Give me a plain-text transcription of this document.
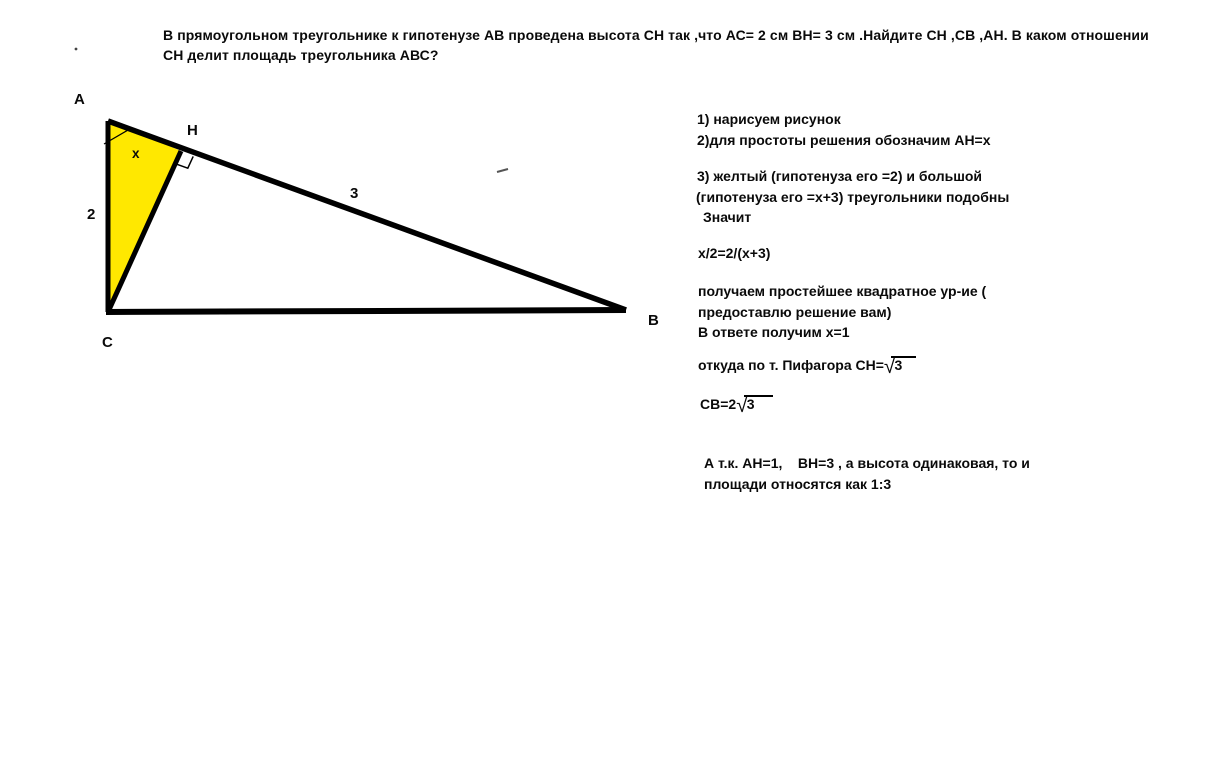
В прямоугольном треугольнике к гипотенузе АВ проведена высота СН так ,что АС= 2 см ВН= 3 см .Найдите СН ,СВ ,АН. В каком отношении
СН делит площадь треугольника АВС?
A
H
B
C
2
3
x
1) нарисуем рисунок
2)для простоты решения обозначим АН=х
3) желтый (гипотенуза его =2) и большой
(гипотенуза его =х+3) треугольники подобны
Значит
х/2=2/(х+3)
получаем простейшее квадратное ур-ие (
предоставлю решение вам)
В ответе получим х=1
откуда по т. Пифагора СН=√3
СВ=2√3
А т.к. АН=1,    ВН=3 , а высота одинаковая, то и
площади относятся как 1:3
